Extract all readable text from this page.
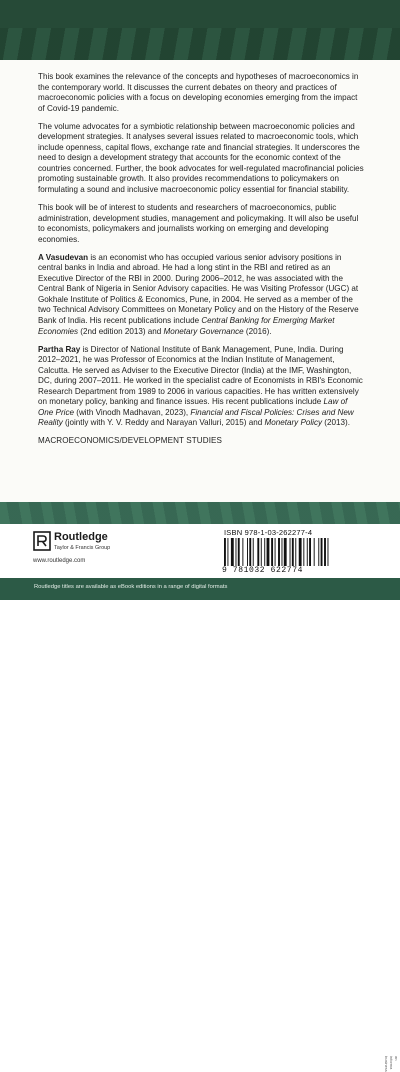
This book examines the relevance of the concepts and hypotheses of macroeconomics in the contemporary world. It discusses the current debates on theory and practices of macroeconomic policies with a focus on developing economies emerging from the impact of Covid-19 pandemic.

The volume advocates for a symbiotic relationship between macroeconomic policies and development strategies. It analyses several issues related to macroeconomic tools, which include openness, capital flows, exchange rate and financial strategies. It underscores the need to design a development strategy that accounts for the economic context of the countries concerned. Further, the book advocates for well-regulated macrofinancial policies promoting sustainable growth. It also provides recommendations to policymakers on formulating a sound and inclusive macroeconomic policy essential for financial stability.

This book will be of interest to students and researchers of macroeconomics, public administration, development studies, management and policymaking. It will also be useful to economists, policymakers and journalists working on emerging and developing economies.

A Vasudevan is an economist who has occupied various senior advisory positions in central banks in India and abroad. He had a long stint in the RBI and retired as an Executive Director of the RBI in 2000. During 2006–2012, he was associated with the Central Bank of Nigeria in Senior Advisory capacities. He was Visiting Professor (UGC) at Gokhale Institute of Politics & Economics, Pune, in 2004. He served as a member of the two Technical Advisory Committees on Monetary Policy and on the History of the Reserve Bank of India. His recent publications include Central Banking for Emerging Market Economies (2nd edition 2013) and Monetary Governance (2016).

Partha Ray is Director of National Institute of Bank Management, Pune, India. During 2012–2021, he was Professor of Economics at the Indian Institute of Management, Calcutta. He served as Adviser to the Executive Director (India) at the IMF, Washington, DC, during 2007–2011. He worked in the specialist cadre of Economists in RBI's Economic Research Department from 1989 to 2006 in various capacities. He has written extensively on monetary policy, banking and finance issues. His recent publications include Law of One Price (with Vinodh Madhavan, 2023), Financial and Fiscal Policies: Crises and New Reality (jointly with Y. V. Reddy and Narayan Valluri, 2015) and Monetary Policy (2013).

MACROECONOMICS/DEVELOPMENT STUDIES

Routledge
Taylor & Francis Group
www.routledge.com
ISBN 978-1-03-262277-4
9 781032 622774
an informa business
Routledge titles are available as eBook editions in a range of digital formats
